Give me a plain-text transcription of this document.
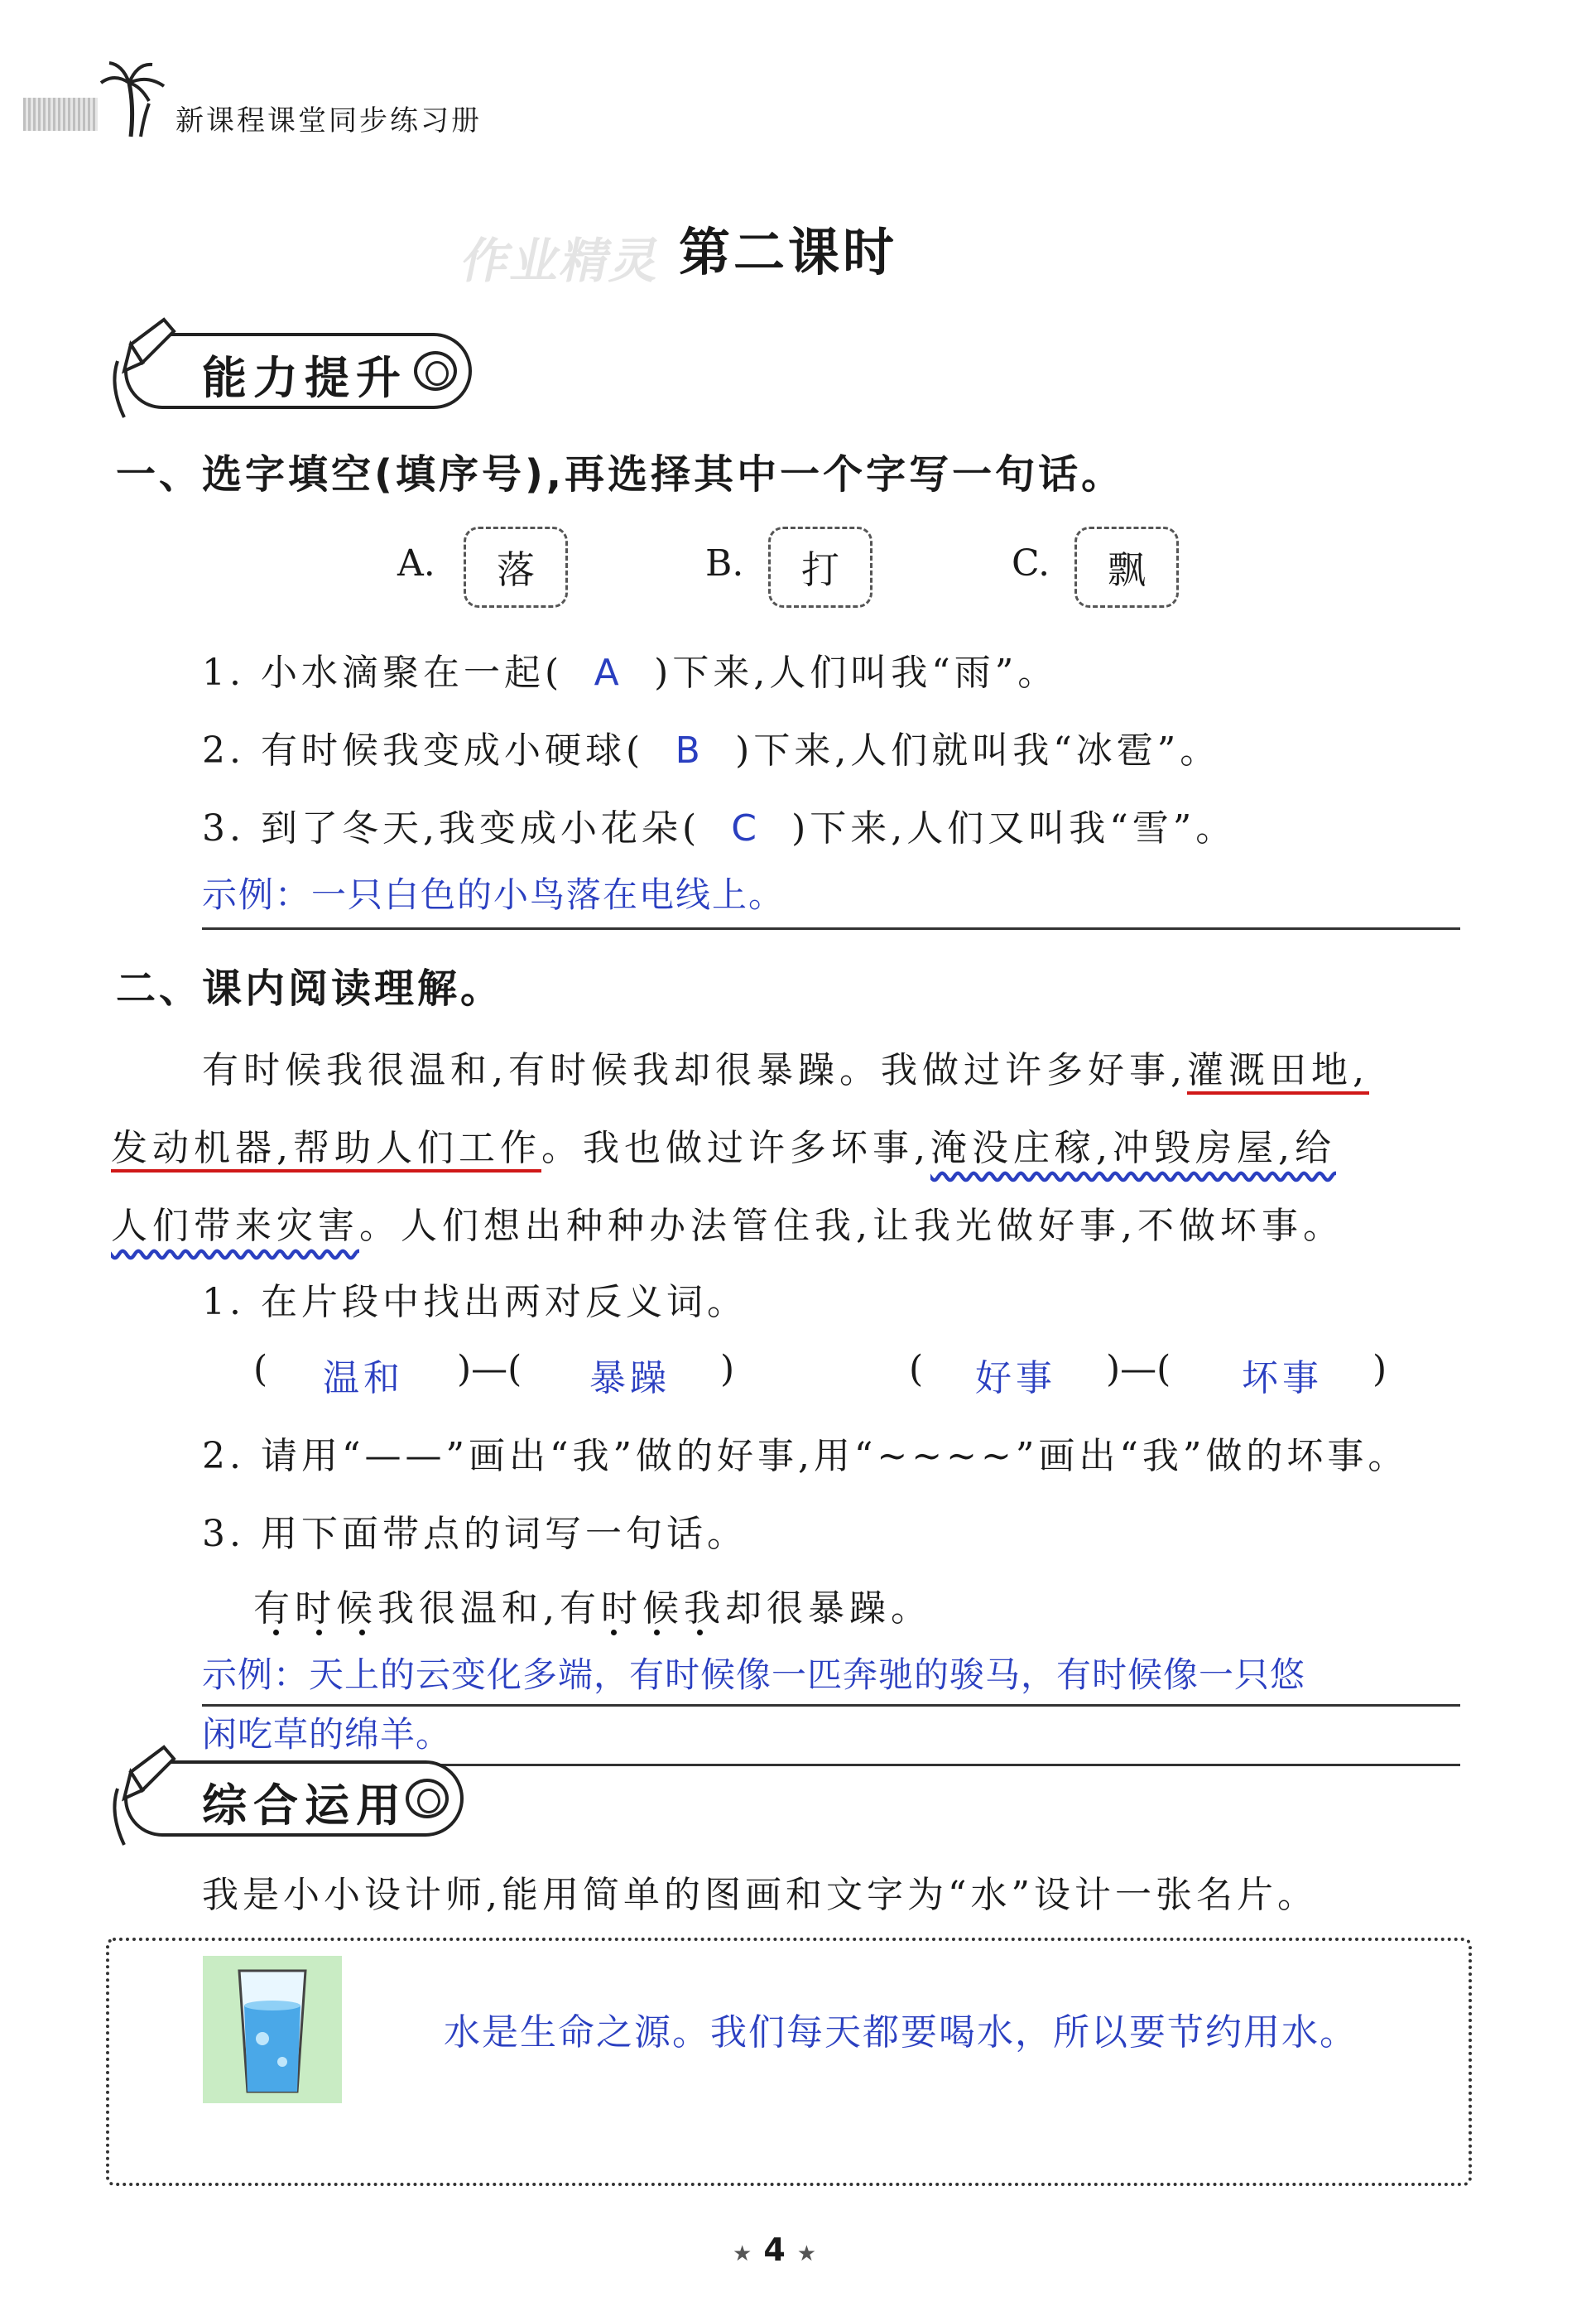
新课程课堂同步练习册
作业精灵 第二课时
能力提升
一、选字填空(填序号),再选择其中一个字写一句话。
A.	落	B.	打	C.	飘
1. 小水滴聚在一起( A )下来,人们叫我“雨”。
2. 有时候我变成小硬球( B )下来,人们就叫我“冰雹”。
3. 到了冬天,我变成小花朵( C )下来,人们又叫我“雪”。
示例：一只白色的小鸟落在电线上。
二、课内阅读理解。
有时候我很温和,有时候我却很暴躁。我做过许多好事,灌溉田地,
发动机器,帮助人们工作。我也做过许多坏事,淹没庄稼,冲毁房屋,给
人们带来灾害。人们想出种种办法管住我,让我光做好事,不做坏事。
1. 在片段中找出两对反义词。
( 温和 )—( 暴躁 )	( 好事 )—( 坏事 )
2. 请用“——”画出“我”做的好事,用“~~~~”画出“我”做的坏事。
3. 用下面带点的词写一句话。
有时候我很温和,有时候我却很暴躁。
示例：天上的云变化多端，有时候像一匹奔驰的骏马，有时候像一只悠
闲吃草的绵羊。
综合运用
我是小小设计师,能用简单的图画和文字为“水”设计一张名片。
水是生命之源。我们每天都要喝水，所以要节约用水。
★4★
